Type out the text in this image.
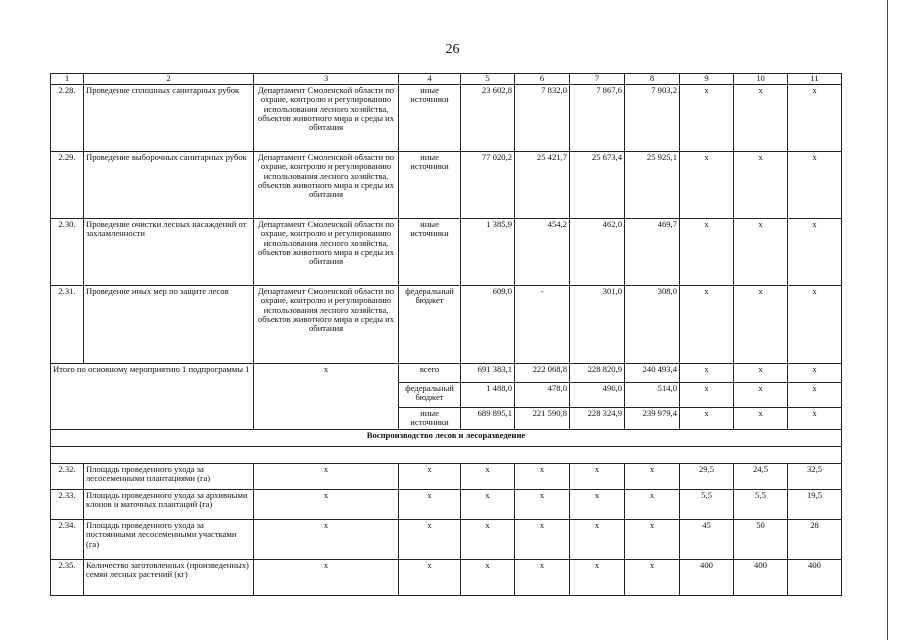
26
1	2	3	4	5	6	7	8	9	10	11
2.28.	Проведение сплошных санитарных рубок	Департамент Смоленской области по охране, контролю и регулированию использования лесного хозяйства, объектов животного мира и среды их обитания	иные источники	23 602,8	7 832,0	7 867,6	7 903,2	х	х	х
2.29.	Проведение выборочных санитарных рубок	Департамент Смоленской области по охране, контролю и регулированию использования лесного хозяйства, объектов животного мира и среды их обитания	иные источники	77 020,2	25 421,7	25 673,4	25 925,1	х	х	х
2.30.	Проведение очистки лесных насаждений от захламленности	Департамент Смоленской области по охране, контролю и регулированию использования лесного хозяйства, объектов животного мира и среды их обитания	иные источники	1 385,9	454,2	462,0	469,7	х	х	х
2.31.	Проведение иных мер по защите лесов	Департамент Смоленской области по охране, контролю и регулированию использования лесного хозяйства, объектов животного мира и среды их обитания	федеральный бюджет	609,0	-	301,0	308,0	х	х	х
Итого по основному мероприятию 1 подпрограммы 1		х	всего	691 383,1	222 068,8	228 820,9	240 493,4	х	х	х
			федеральный бюджет	1 488,0	478,0	496,0	514,0	х	х	х
			иные источники	689 895,1	221 590,8	228 324,9	239 979,4	х	х	х
Воспроизводство лесов и лесоразведение										

2.32.	Площадь проведенного ухода за лесосеменными плантациями (га)	х	х	х	х	х	х	29,5	24,5	32,5
2.33.	Площадь проведенного ухода за архивными клонов и маточных плантаций (га)	х	х	х	х	х	х	5,5	5,5	19,5
2.34.	Площадь проведенного ухода за постоянными лесосеменными участками (га)	х	х	х	х	х	х	45	50	28
2.35.	Количество заготовленных (произведенных) семян лесных растений (кг)	х	х	х	х	х	х	400	400	400
